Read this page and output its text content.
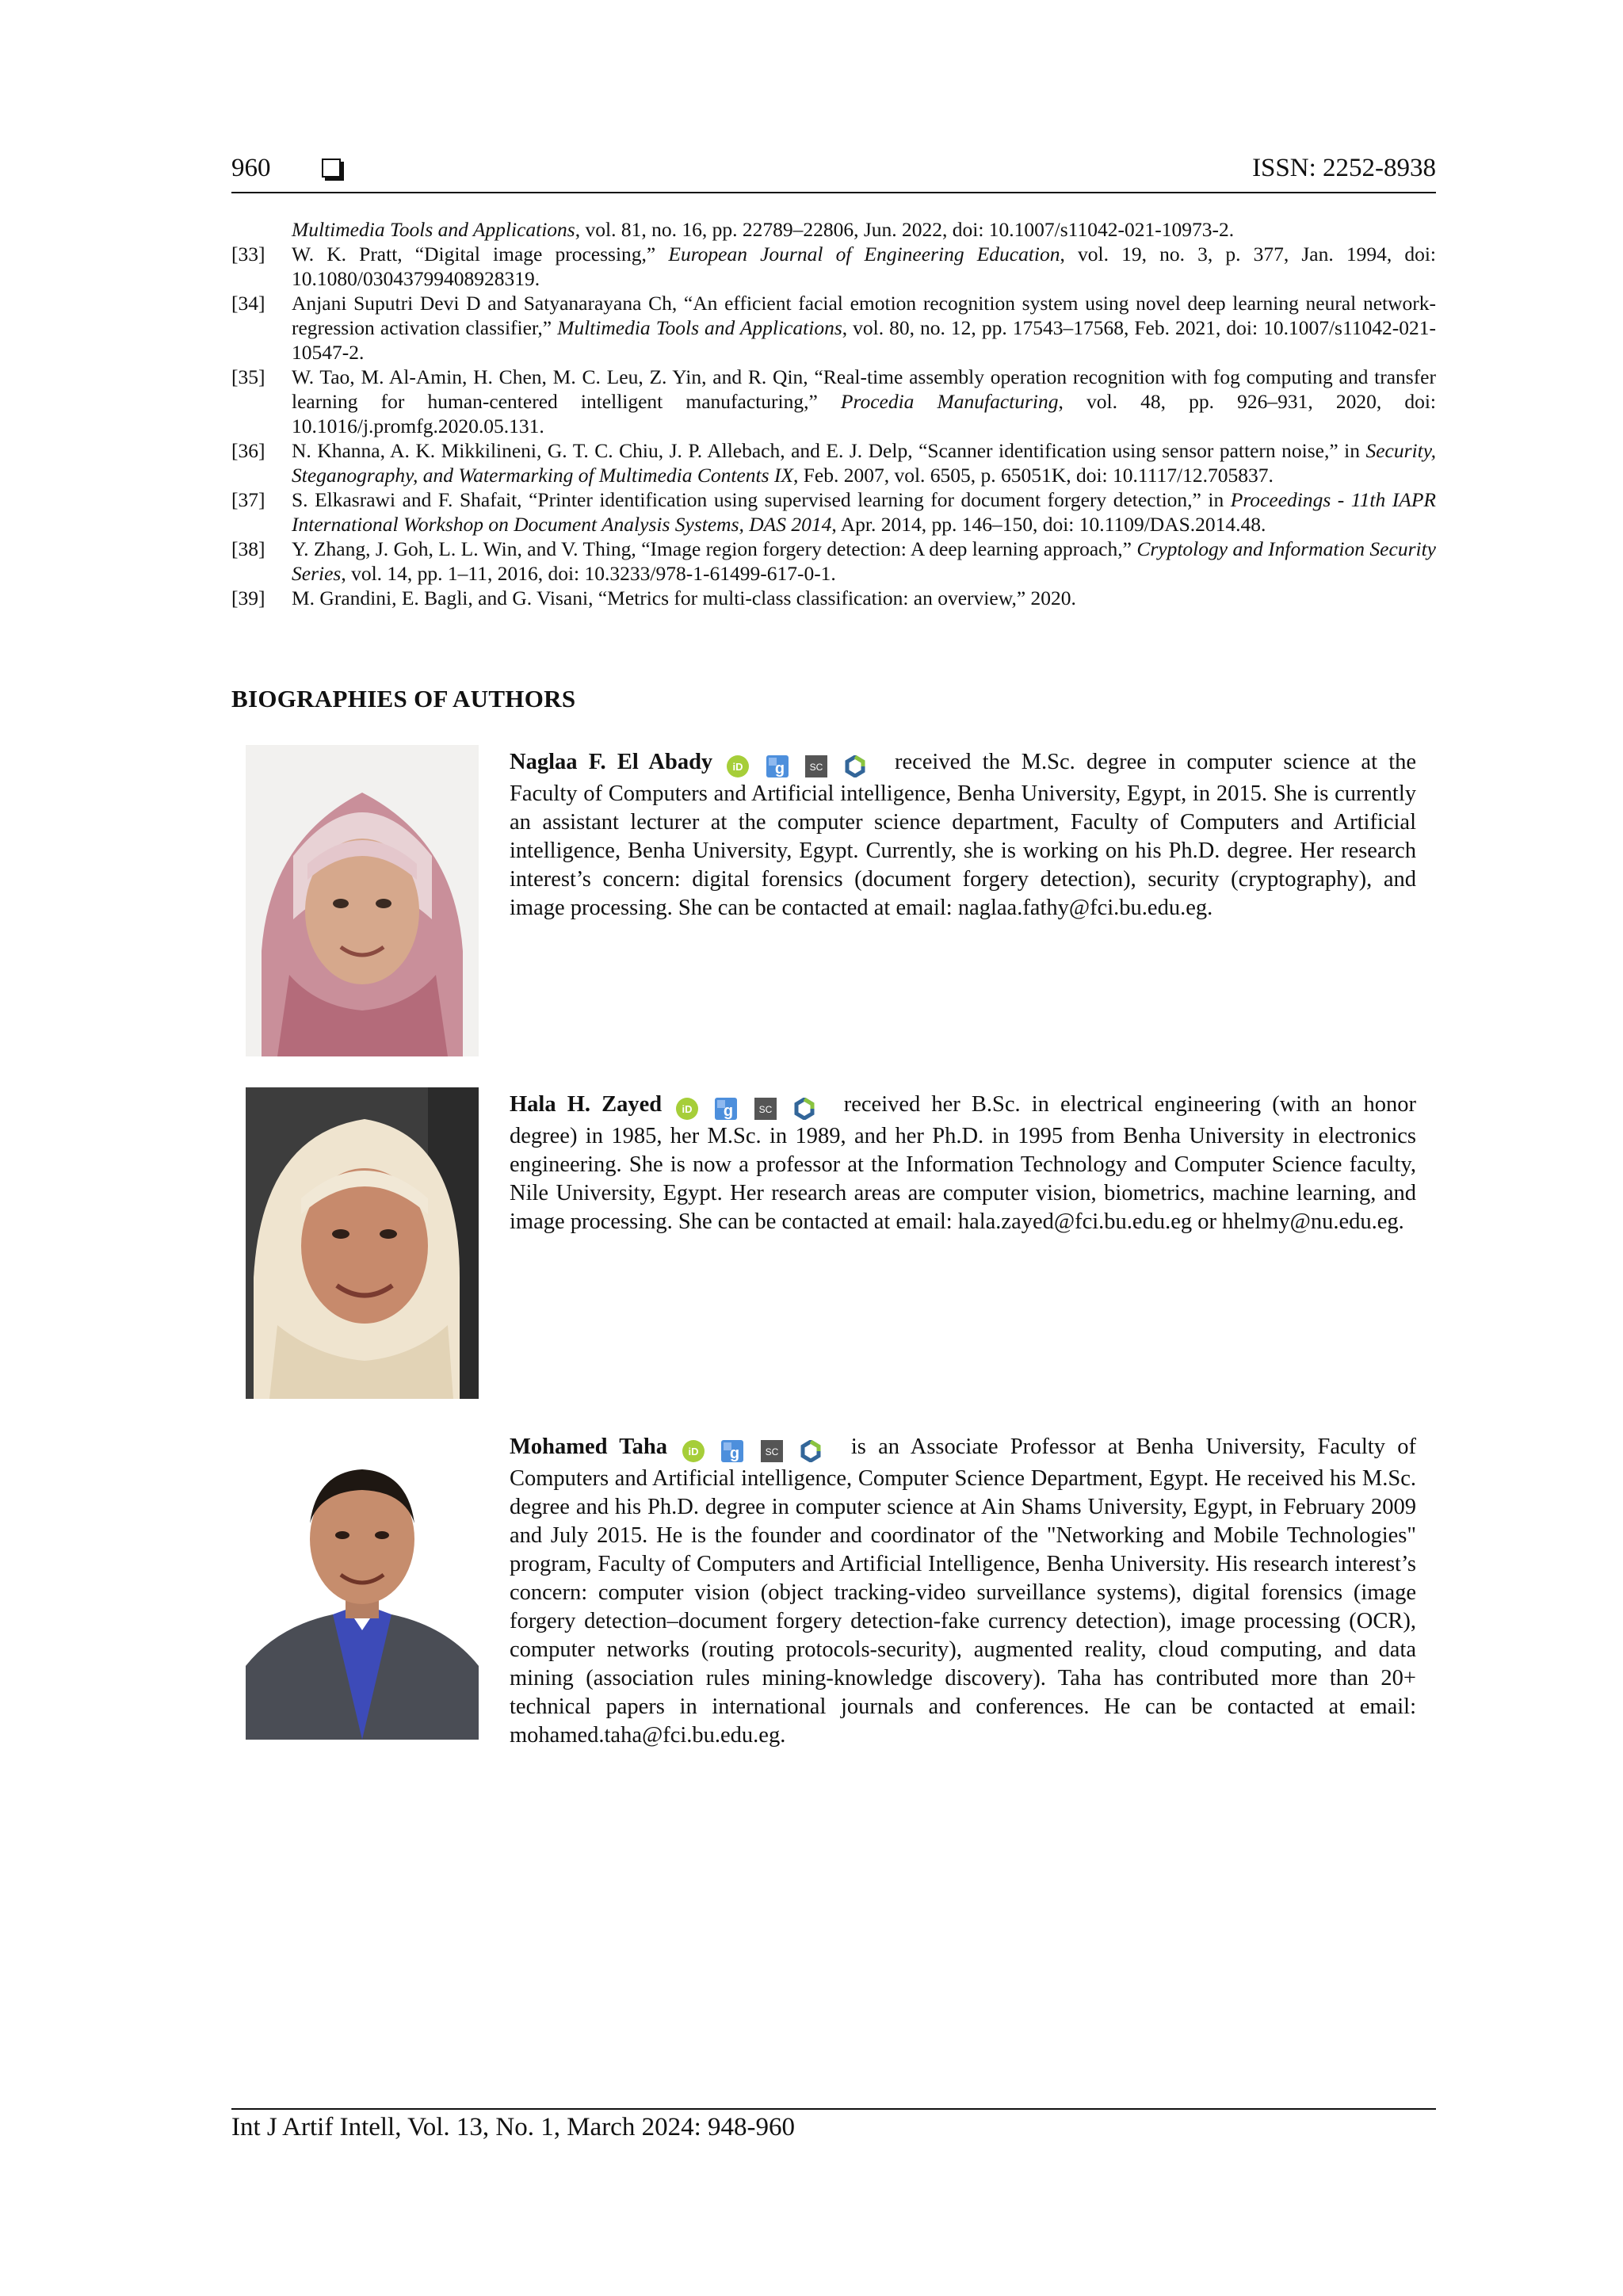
960	ISSN: 2252-8938
Multimedia Tools and Applications, vol. 81, no. 16, pp. 22789–22806, Jun. 2022, doi: 10.1007/s11042-021-10973-2.
[33] W. K. Pratt, “Digital image processing,” European Journal of Engineering Education, vol. 19, no. 3, p. 377, Jan. 1994, doi: 10.1080/03043799408928319.
[34] Anjani Suputri Devi D and Satyanarayana Ch, “An efficient facial emotion recognition system using novel deep learning neural network-regression activation classifier,” Multimedia Tools and Applications, vol. 80, no. 12, pp. 17543–17568, Feb. 2021, doi: 10.1007/s11042-021-10547-2.
[35] W. Tao, M. Al-Amin, H. Chen, M. C. Leu, Z. Yin, and R. Qin, “Real-time assembly operation recognition with fog computing and transfer learning for human-centered intelligent manufacturing,” Procedia Manufacturing, vol. 48, pp. 926–931, 2020, doi: 10.1016/j.promfg.2020.05.131.
[36] N. Khanna, A. K. Mikkilineni, G. T. C. Chiu, J. P. Allebach, and E. J. Delp, “Scanner identification using sensor pattern noise,” in Security, Steganography, and Watermarking of Multimedia Contents IX, Feb. 2007, vol. 6505, p. 65051K, doi: 10.1117/12.705837.
[37] S. Elkasrawi and F. Shafait, “Printer identification using supervised learning for document forgery detection,” in Proceedings - 11th IAPR International Workshop on Document Analysis Systems, DAS 2014, Apr. 2014, pp. 146–150, doi: 10.1109/DAS.2014.48.
[38] Y. Zhang, J. Goh, L. L. Win, and V. Thing, “Image region forgery detection: A deep learning approach,” Cryptology and Information Security Series, vol. 14, pp. 1–11, 2016, doi: 10.3233/978-1-61499-617-0-1.
[39] M. Grandini, E. Bagli, and G. Visani, “Metrics for multi-class classification: an overview,” 2020.
BIOGRAPHIES OF AUTHORS
Naglaa F. El Abady iD
g
	SC	received the M.Sc. degree in computer science at the Faculty of Computers and Artificial intelligence, Benha University, Egypt, in 2015. She is currently an assistant lecturer at the computer science department, Faculty of Computers and Artificial intelligence, Benha University, Egypt. Currently, she is working on his Ph.D. degree. Her research interest’s concern: digital forensics (document forgery detection), security (cryptography), and image processing. She can be contacted at email: naglaa.fathy@fci.bu.edu.eg.
Hala H. Zayed iD
g
	SC	received her B.Sc. in electrical engineering (with an honor degree) in 1985, her M.Sc. in 1989, and her Ph.D. in 1995 from Benha University in electronics engineering. She is now a professor at the Information Technology and Computer Science faculty, Nile University, Egypt. Her research areas are computer vision, biometrics, machine learning, and image processing. She can be contacted at email: hala.zayed@fci.bu.edu.eg or hhelmy@nu.edu.eg.
Mohamed Taha iD
g
	SC	is an Associate Professor at Benha University, Faculty of Computers and Artificial intelligence, Computer Science Department, Egypt. He received his M.Sc. degree and his Ph.D. degree in computer science at Ain Shams University, Egypt, in February 2009 and July 2015. He is the founder and coordinator of the "Networking and Mobile Technologies" program, Faculty of Computers and Artificial Intelligence, Benha University. His research interest’s concern: computer vision (object tracking-video surveillance systems), digital forensics (image forgery detection–document forgery detection-fake currency detection), image processing (OCR), computer networks (routing protocols-security), augmented reality, cloud computing, and data mining (association rules mining-knowledge discovery). Taha has contributed more than 20+ technical papers in international journals and conferences. He can be contacted at email: mohamed.taha@fci.bu.edu.eg.
Int J Artif Intell, Vol. 13, No. 1, March 2024: 948-960
